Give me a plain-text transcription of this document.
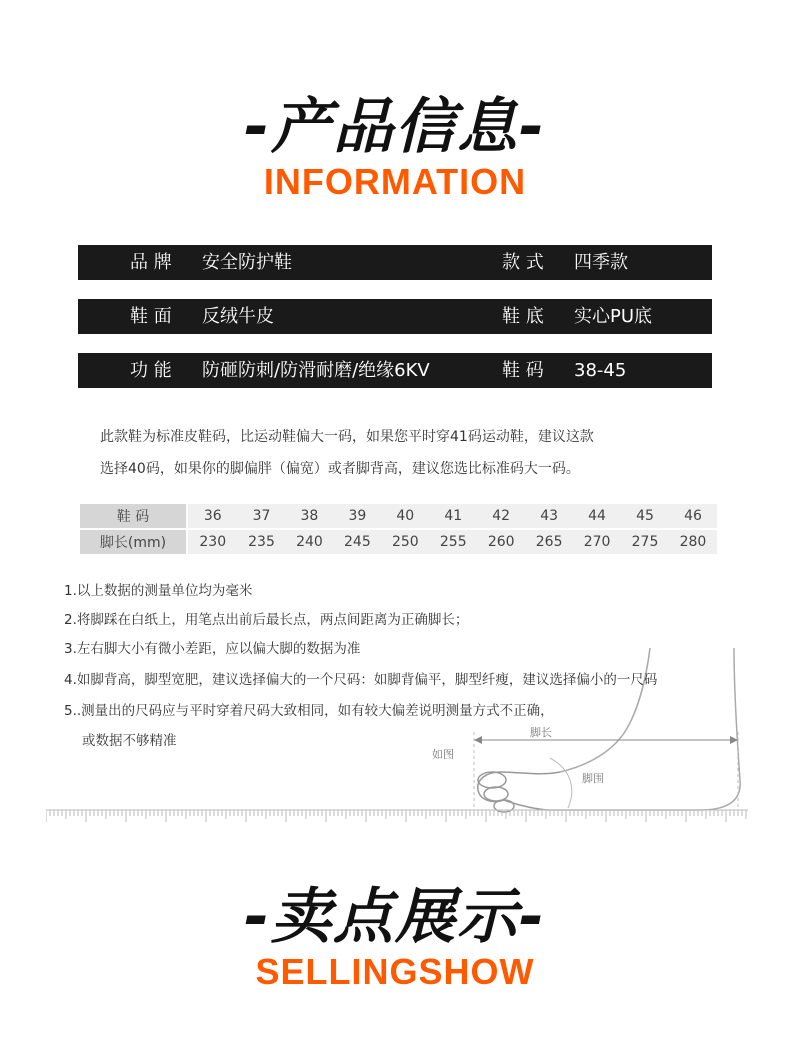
-产品信息-
INFORMATION
品 牌 安全防护鞋	款 式 四季款
鞋 面 反绒牛皮	鞋 底 实心PU底
功 能 防砸防刺/防滑耐磨/绝缘6KV	鞋 码 38-45
此款鞋为标准皮鞋码，比运动鞋偏大一码，如果您平时穿41码运动鞋，建议这款
选择40码，如果你的脚偏胖（偏宽）或者脚背高，建议您选比标准码大一码。
鞋 码	36	37	38	39	40	41	42	43	44	45	46
脚长(mm)	230	235	240	245	250	255	260	265	270	275	280
如图
脚长
脚围
1.以上数据的测量单位均为毫米
2.将脚踩在白纸上，用笔点出前后最长点，两点间距离为正确脚长；
3.左右脚大小有微小差距，应以偏大脚的数据为准
4.如脚背高，脚型宽肥，建议选择偏大的一个尺码：如脚背偏平，脚型纤瘦，建议选择偏小的一尺码
5..测量出的尺码应与平时穿着尺码大致相同，如有较大偏差说明测量方式不正确，
或数据不够精准
-卖点展示-
SELLINGSHOW
